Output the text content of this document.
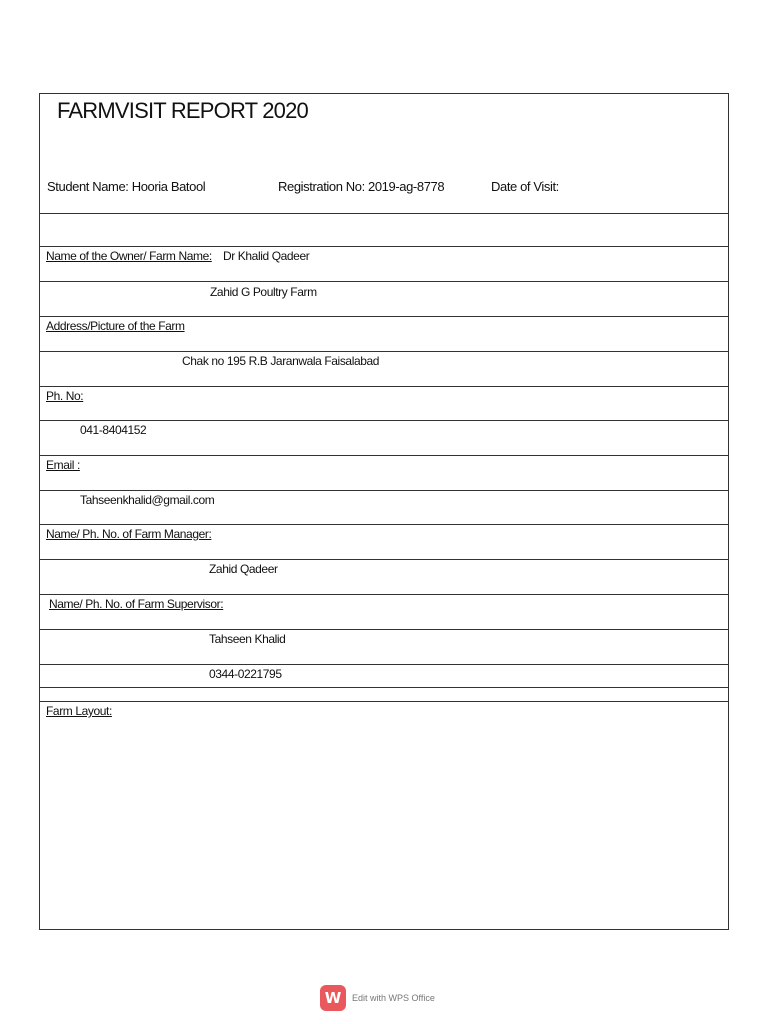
FARMVISIT REPORT 2020
Student Name: Hooria Batool	Registration No: 2019-ag-8778	Date of Visit:
Name of the Owner/ Farm Name: Dr Khalid Qadeer
Zahid G Poultry Farm
Address/Picture of the Farm
Chak no 195 R.B Jaranwala Faisalabad
Ph. No:
041-8404152
Email :
Tahseenkhalid@gmail.com
Name/ Ph. No. of Farm Manager:
Zahid Qadeer
Name/ Ph. No. of Farm Supervisor:
Tahseen Khalid
0344-0221795
Farm Layout:
W	Edit with WPS Office
